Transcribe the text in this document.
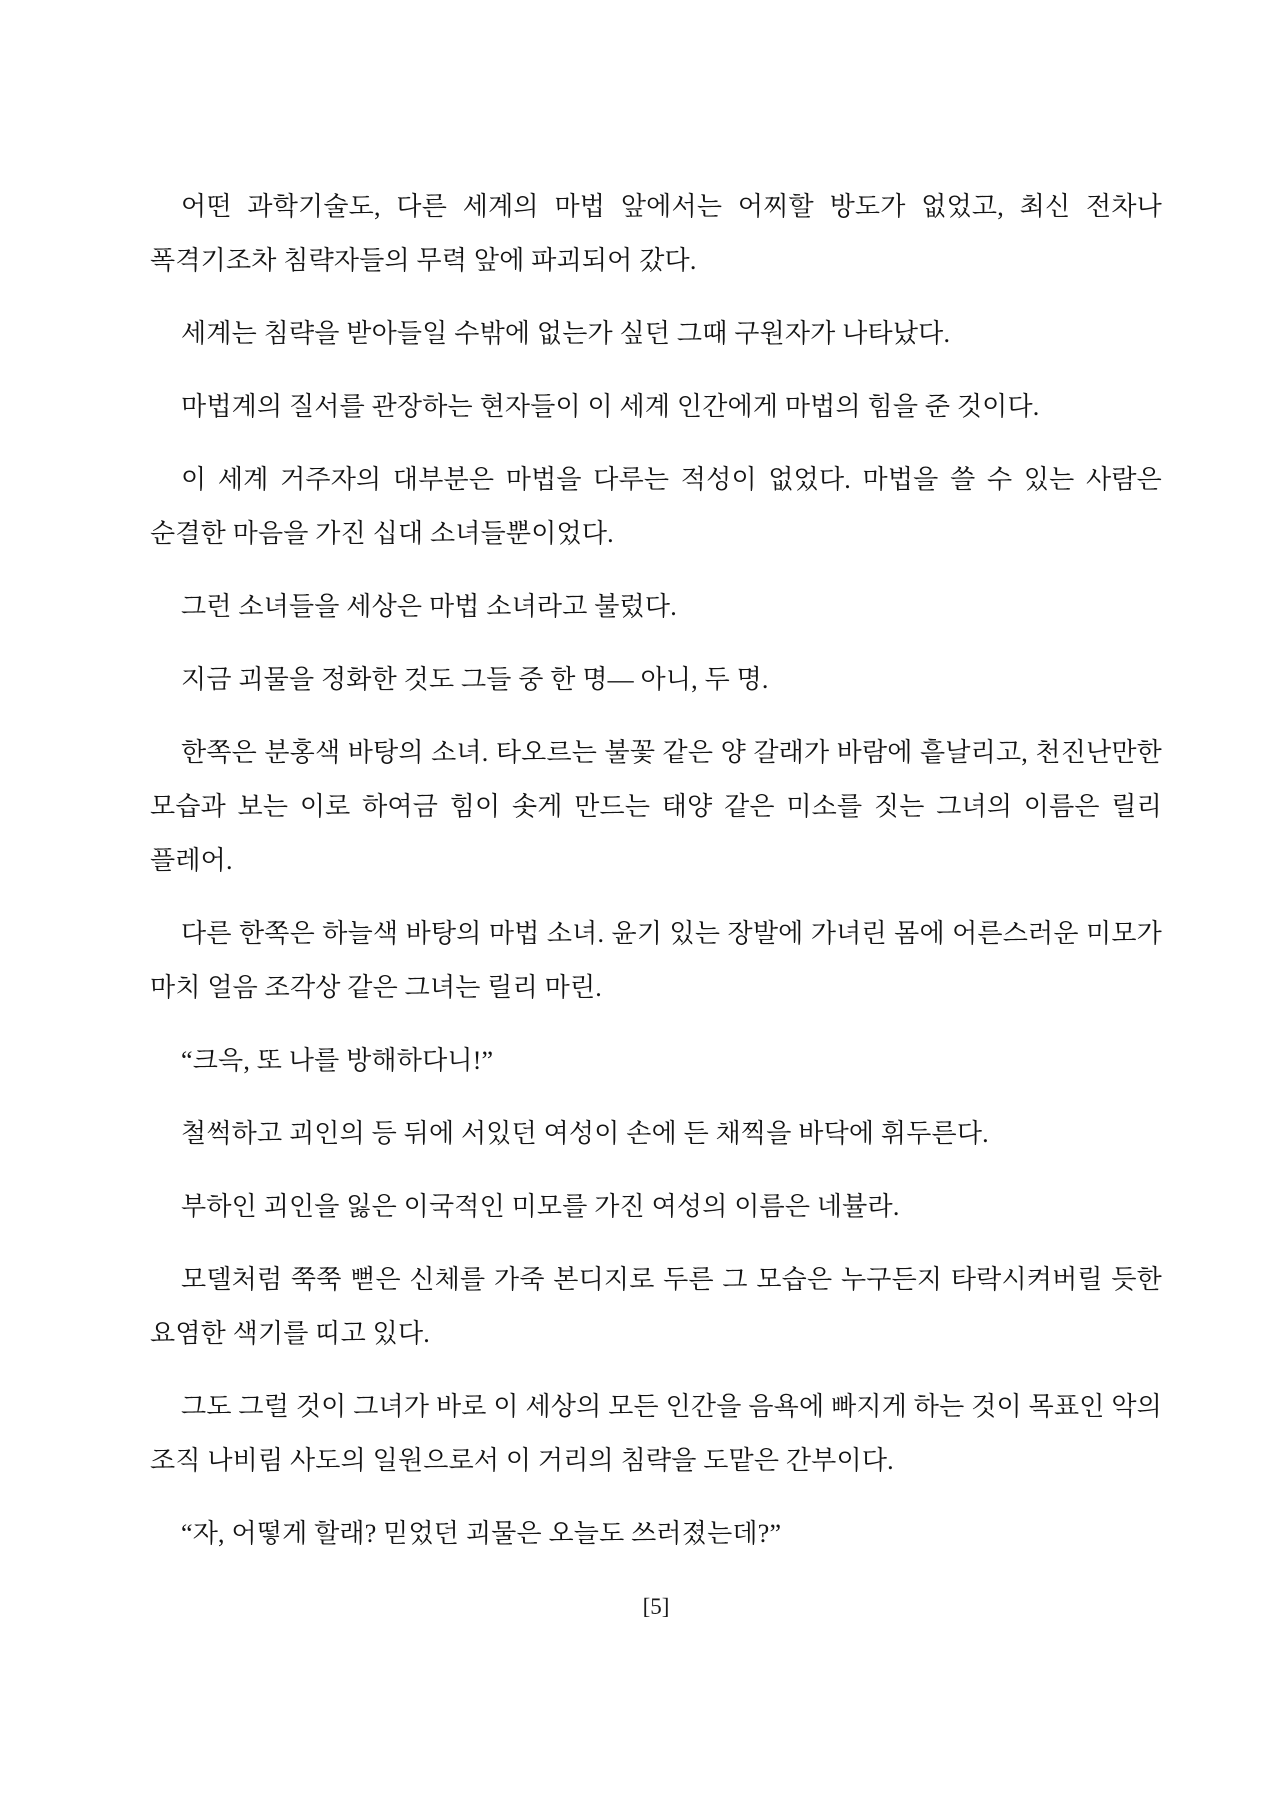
어떤 과학기술도, 다른 세계의 마법 앞에서는 어찌할 방도가 없었고, 최신 전차나 폭격기조차 침략자들의 무력 앞에 파괴되어 갔다.

세계는 침략을 받아들일 수밖에 없는가 싶던 그때 구원자가 나타났다.

마법계의 질서를 관장하는 현자들이 이 세계 인간에게 마법의 힘을 준 것이다.

이 세계 거주자의 대부분은 마법을 다루는 적성이 없었다. 마법을 쓸 수 있는 사람은 순결한 마음을 가진 십대 소녀들뿐이었다.

그런 소녀들을 세상은 마법 소녀라고 불렀다.

지금 괴물을 정화한 것도 그들 중 한 명— 아니, 두 명.

한쪽은 분홍색 바탕의 소녀. 타오르는 불꽃 같은 양 갈래가 바람에 흩날리고, 천진난만한 모습과 보는 이로 하여금 힘이 솟게 만드는 태양 같은 미소를 짓는 그녀의 이름은 릴리 플레어.

다른 한쪽은 하늘색 바탕의 마법 소녀. 윤기 있는 장발에 가녀린 몸에 어른스러운 미모가 마치 얼음 조각상 같은 그녀는 릴리 마린.

“크윽, 또 나를 방해하다니!”

철썩하고 괴인의 등 뒤에 서있던 여성이 손에 든 채찍을 바닥에 휘두른다.

부하인 괴인을 잃은 이국적인 미모를 가진 여성의 이름은 네뷸라.

모델처럼 쭉쭉 뻗은 신체를 가죽 본디지로 두른 그 모습은 누구든지 타락시켜버릴 듯한 요염한 색기를 띠고 있다.

그도 그럴 것이 그녀가 바로 이 세상의 모든 인간을 음욕에 빠지게 하는 것이 목표인 악의 조직 나비림 사도의 일원으로서 이 거리의 침략을 도맡은 간부이다.

“자, 어떻게 할래? 믿었던 괴물은 오늘도 쓰러졌는데?”

[5]
